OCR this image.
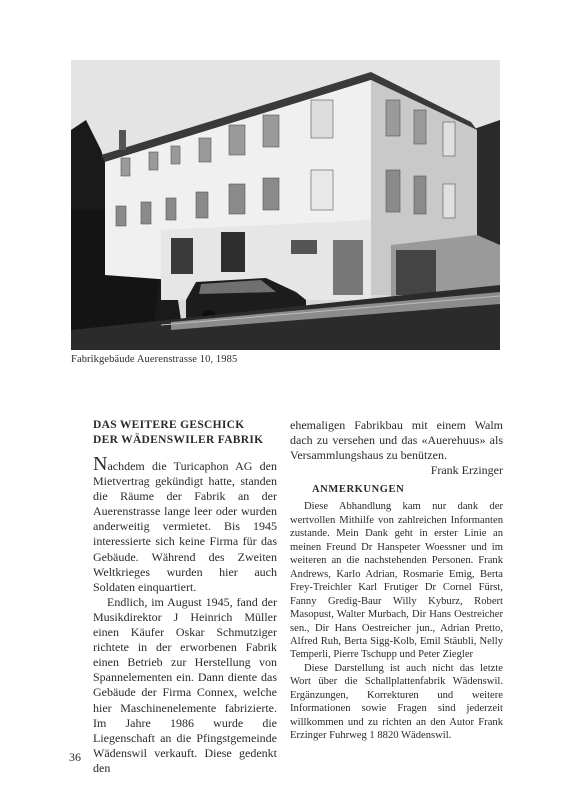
Fabrikgebäude Auerenstrasse 10, 1985
DAS WEITERE GESCHICK
DER WÄDENSWILER FABRIK

Nachdem die Turicaphon AG den Mietvertrag gekündigt hatte, standen die Räume der Fabrik an der Auerenstrasse lange leer oder wurden anderweitig vermietet. Bis 1945 interessierte sich keine Firma für das Gebäude. Während des Zweiten Weltkrieges wurden hier auch Soldaten einquartiert.

Endlich, im August 1945, fand der Musikdirektor J Heinrich Müller einen Käufer Oskar Schmutziger richtete in der erworbenen Fabrik einen Betrieb zur Herstellung von Spannelementen ein. Dann diente das Gebäude der Firma Connex, welche hier Maschinenelemente fabrizierte. Im Jahre 1986 wurde die Liegenschaft an die Pfingstgemeinde Wädenswil verkauft. Diese gedenkt den

ehemaligen Fabrikbau mit einem Walm dach zu versehen und das «Auerehuus» als Versammlungshaus zu benützen.

Frank Erzinger

ANMERKUNGEN

Diese Abhandlung kam nur dank der wertvollen Mithilfe von zahlreichen Informanten zustande. Mein Dank geht in erster Linie an meinen Freund Dr Hanspeter Woessner und im weiteren an die nachstehenden Personen. Frank Andrews, Karlo Adrian, Rosmarie Emig, Berta Frey-Treichler Karl Frutiger Dr Cornel Fürst, Fanny Gredig-Baur Willy Kyburz, Robert Masopust, Walter Murbach, Dir Hans Oestreicher sen., Dir Hans Oestreicher jun., Adrian Pretto, Alfred Ruh, Berta Sigg-Kolb, Emil Stäubli, Nelly Temperli, Pierre Tschupp und Peter Ziegler

Diese Darstellung ist auch nicht das letzte Wort über die Schallplattenfabrik Wädenswil. Ergänzungen, Korrekturen und weitere Informationen sowie Fragen sind jederzeit willkommen und zu richten an den Autor Frank Erzinger Fuhrweg 1 8820 Wädenswil.

36
